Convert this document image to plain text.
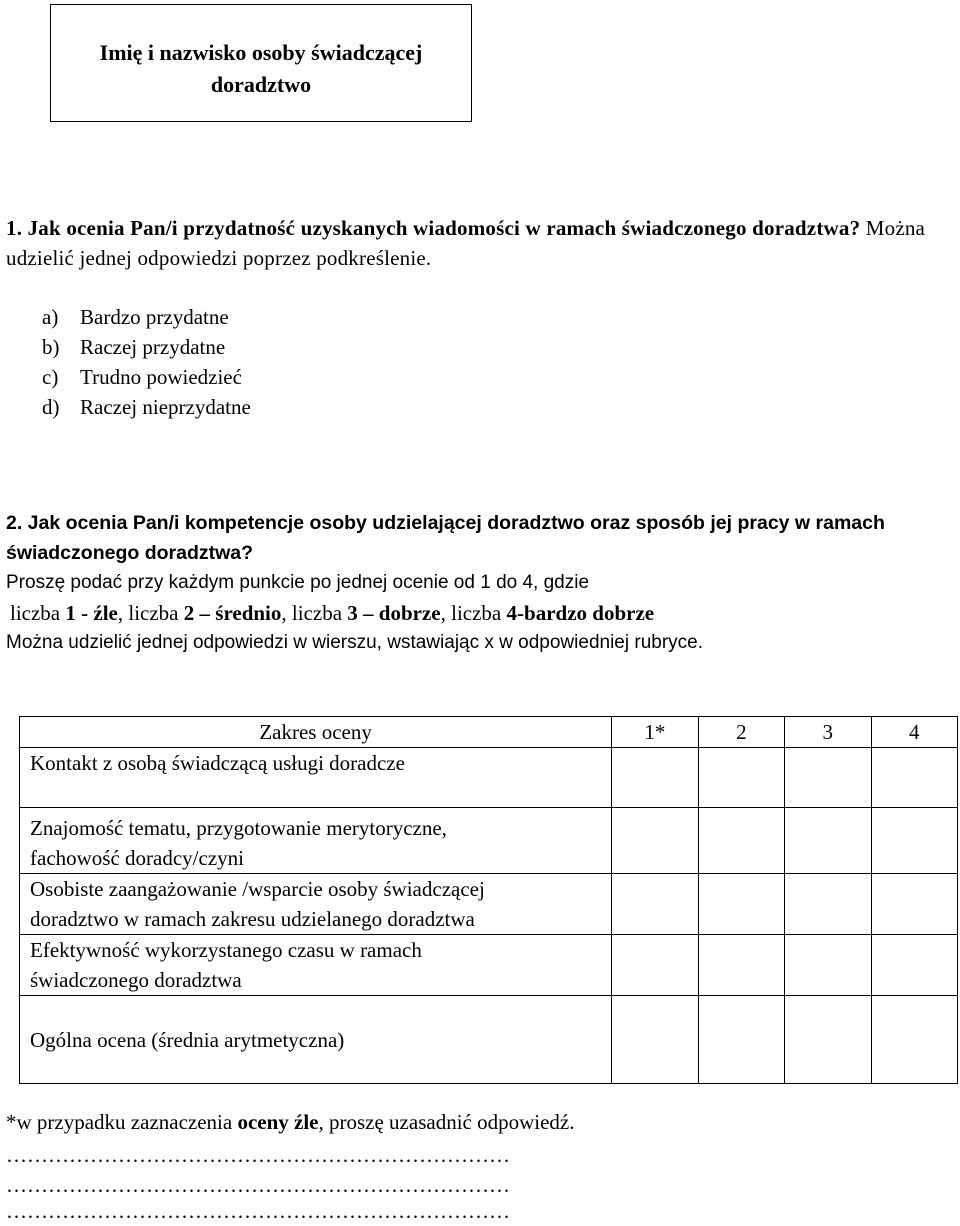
Imię i nazwisko osoby świadczącej
doradztwo
1. Jak ocenia Pan/i przydatność uzyskanych wiadomości w ramach świadczonego doradztwa? Można udzielić jednej odpowiedzi poprzez podkreślenie.
a) Bardzo przydatne
b) Raczej przydatne
c) Trudno powiedzieć
d) Raczej nieprzydatne
2. Jak ocenia Pan/i kompetencje osoby udzielającej doradztwo oraz sposób jej pracy w ramach świadczonego doradztwa?
Proszę podać przy każdym punkcie po jednej ocenie od 1 do 4, gdzie
liczba 1 - źle, liczba 2 – średnio, liczba 3 – dobrze, liczba 4-bardzo dobrze
Można udzielić jednej odpowiedzi w wierszu, wstawiając x w odpowiedniej rubryce.
Zakres oceny	1*	2	3	4

Kontakt z osobą świadczącą usługi doradcze				

Znajomość tematu, przygotowanie merytoryczne,
fachowość doradcy/czyni				

Osobiste zaangażowanie /wsparcie osoby świadczącej
doradztwo w ramach zakresu udzielanego doradztwa				

Efektywność wykorzystanego czasu w ramach
świadczonego doradztwa				

Ogólna ocena (średnia arytmetyczna)				

*w przypadku zaznaczenia oceny źle, proszę uzasadnić odpowiedź.
………………………………………………………………
………………………………………………………………
………………………………………………………………
